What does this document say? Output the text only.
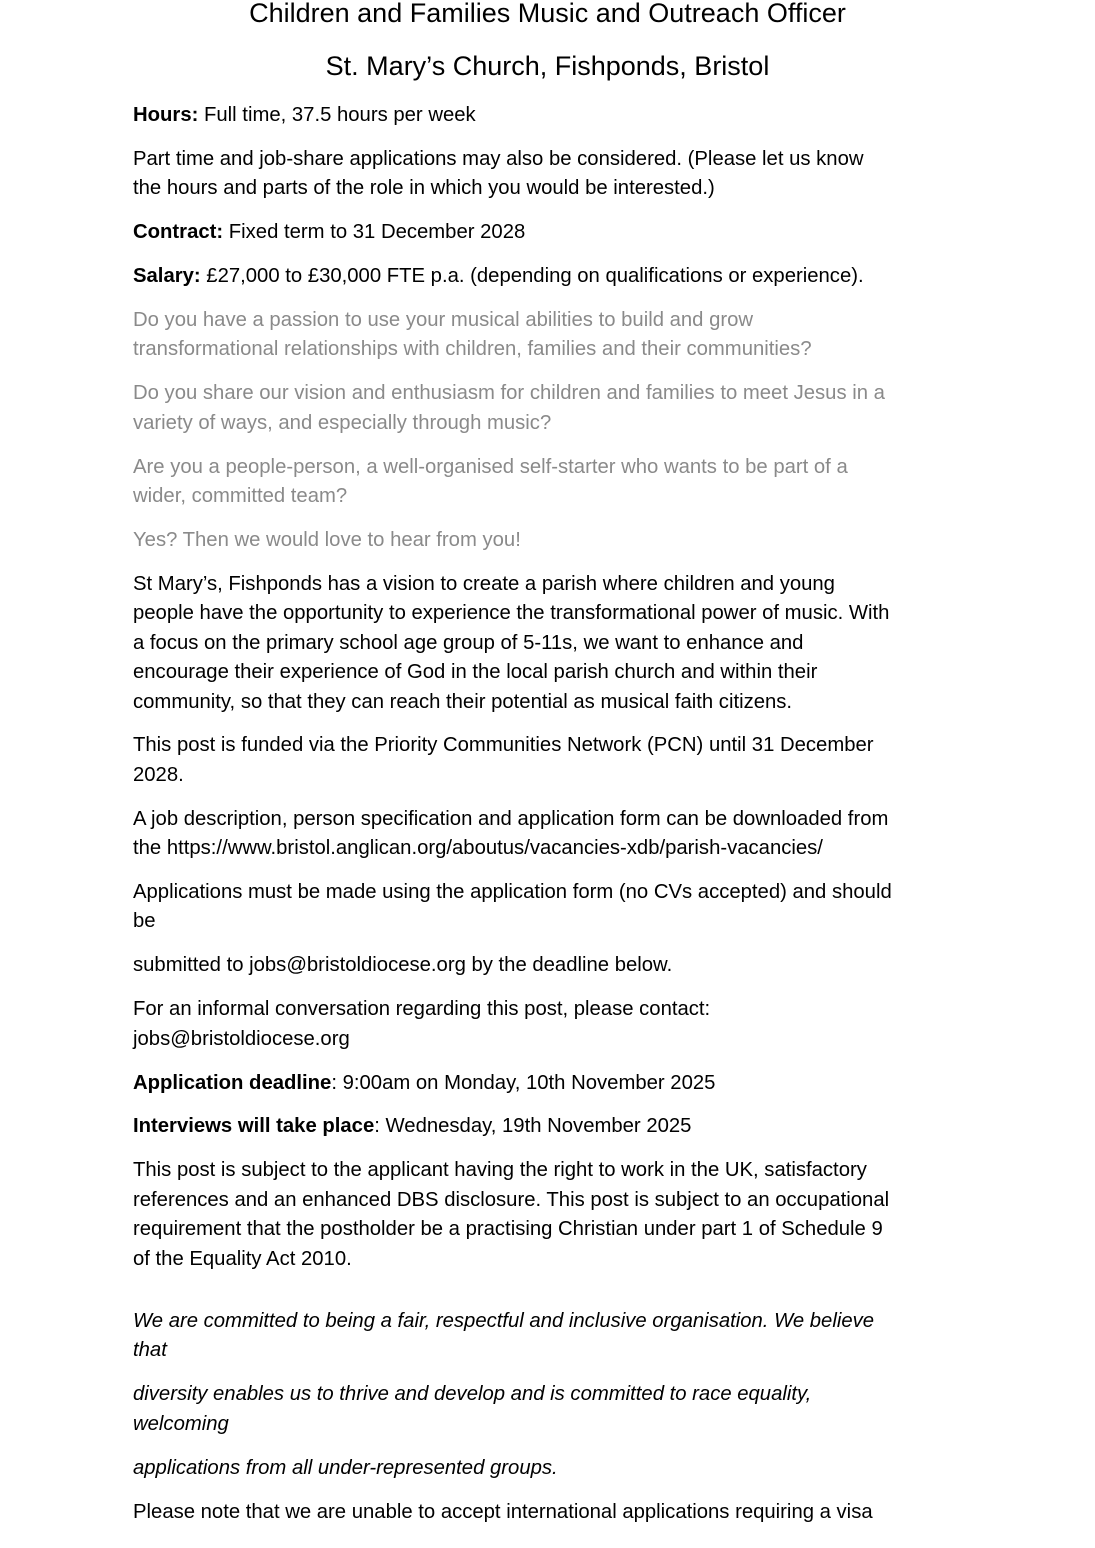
Children and Families Music and Outreach Officer
St. Mary’s Church, Fishponds, Bristol

Hours: Full time, 37.5 hours per week

Part time and job-share applications may also be considered. (Please let us know
the hours and parts of the role in which you would be interested.)

Contract: Fixed term to 31 December 2028

Salary: £27,000 to £30,000 FTE p.a. (depending on qualifications or experience).

Do you have a passion to use your musical abilities to build and grow
transformational relationships with children, families and their communities?

Do you share our vision and enthusiasm for children and families to meet Jesus in a
variety of ways, and especially through music?

Are you a people-person, a well-organised self-starter who wants to be part of a
wider, committed team?

Yes? Then we would love to hear from you!

St Mary’s, Fishponds has a vision to create a parish where children and young
people have the opportunity to experience the transformational power of music. With
a focus on the primary school age group of 5-11s, we want to enhance and
encourage their experience of God in the local parish church and within their
community, so that they can reach their potential as musical faith citizens.

This post is funded via the Priority Communities Network (PCN) until 31 December
2028.

A job description, person specification and application form can be downloaded from
the https://www.bristol.anglican.org/aboutus/vacancies-xdb/parish-vacancies/

Applications must be made using the application form (no CVs accepted) and should
be

submitted to jobs@bristoldiocese.org by the deadline below.

For an informal conversation regarding this post, please contact:
jobs@bristoldiocese.org

Application deadline: 9:00am on Monday, 10th November 2025

Interviews will take place: Wednesday, 19th November 2025

This post is subject to the applicant having the right to work in the UK, satisfactory
references and an enhanced DBS disclosure. This post is subject to an occupational
requirement that the postholder be a practising Christian under part 1 of Schedule 9
of the Equality Act 2010.

We are committed to being a fair, respectful and inclusive organisation. We believe
that

diversity enables us to thrive and develop and is committed to race equality,
welcoming

applications from all under-represented groups.

Please note that we are unable to accept international applications requiring a visa
